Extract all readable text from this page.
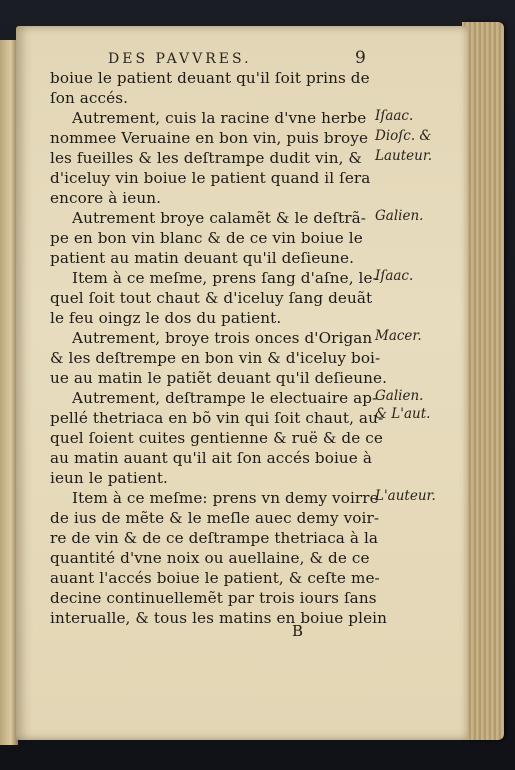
DES PAVVRES.	9
boiue le patient deuant qu'il ſoit prins de
ſon accés.
Autrement, cuis la racine d'vne herbe
nommee Veruaine en bon vin, puis broye
les fueilles & les deſtrampe dudit vin, &
d'iceluy vin boiue le patient quand il ſera
encore à ieun.
Autrement broye calamẽt & le deſtrã-
pe en bon vin blanc & de ce vin boiue le
patient au matin deuant qu'il deſieune.
Item à ce meſme, prens ſang d'aſne, le-
quel ſoit tout chaut & d'iceluy ſang deuãt
le feu oingz le dos du patient.
Autrement, broye trois onces d'Origan
& les deſtrempe en bon vin & d'iceluy boi-
ue au matin le patiẽt deuant qu'il deſieune.
Autrement, deſtrampe le electuaire ap-
pellé thetriaca en bõ vin qui ſoit chaut, au-
quel ſoient cuites gentienne & ruë & de ce
au matin auant qu'il ait ſon accés boiue à
ieun le patient.
Item à ce meſme: prens vn demy voirre
de ius de mẽte & le meſle auec demy voir-
re de vin & de ce deſtrampe thetriaca à la
quantité d'vne noix ou auellaine, & de ce
auant l'accés boiue le patient, & ceſte me-
decine continuellemẽt par trois iours ſans
interualle, & tous les matins en boiue plein
Iſaac.
Dioſc. &
Lauteur.
Galien.
Iſaac.
Macer.
Galien.
& L'aut.
L'auteur.
B
